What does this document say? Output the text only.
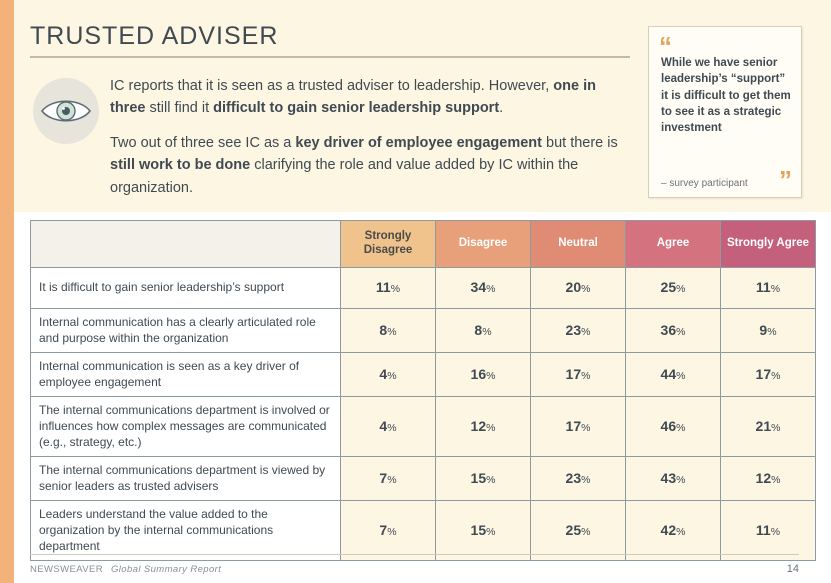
TRUSTED ADVISER

IC reports that it is seen as a trusted adviser to leadership. However, one in three still find it difficult to gain senior leadership support.

Two out of three see IC as a key driver of employee engagement but there is still work to be done clarifying the role and value added by IC within the organization.

“
While we have senior leadership’s “support” it is difficult to get them to see it as a strategic investment
– survey participant ”
	Strongly Disagree	Disagree	Neutral	Agree	Strongly Agree
It is difficult to gain senior leadership’s support	11%	34%	20%	25%	11%
Internal communication has a clearly articulated role and purpose within the organization	8%	8%	23%	36%	9%
Internal communication is seen as a key driver of employee engagement	4%	16%	17%	44%	17%
The internal communications department is involved or influences how complex messages are communicated (e.g., strategy, etc.)	4%	12%	17%	46%	21%
The internal communications department is viewed by senior leaders as trusted advisers	7%	15%	23%	43%	12%
Leaders understand the value added to the organization by the internal communications department	7%	15%	25%	42%	11%
NEWSWEAVER Global Summary Report	14
